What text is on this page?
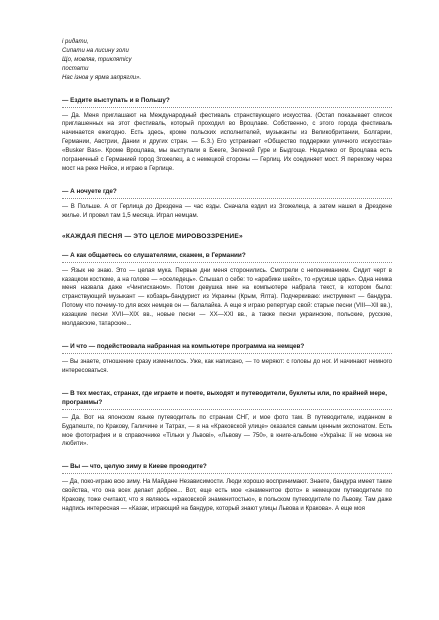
і ридати,

Сипати на лисину золи

Що, мовляв, триклятісу

постати

Нас ізнов у ярма запрягли».

— Ездите выступать и в Польшу?

— Да. Меня приглашают на Международный фестиваль странствующего искусства. (Остап показывает список приглашенных на этот фестиваль, который проходил во Вроцлаве. Собственно, с этого города фестиваль начинается ежегодно. Есть здесь, кроме польских исполнителей, музыканты из Великобритании, Болгарии, Германии, Австрии, Дании и других стран. — Б.З.) Его устраивает «Общество поддержки уличного искусства» «Busker Bas». Кроме Вроцлава, мы выступали в Бжеге, Зеленой Гуре и Быдгоще. Недалеко от Вроцлава есть пограничный с Германией город Згожелец, а с немецкой стороны — Герлиц. Их соединяет мост. Я перехожу через мост на реке Нейсе, и играю в Герлице.

— А ночуете где?

— В Польше. А от Герлица до Дрездена — час езды. Сначала ездил из Згожелеца, а затем нашел в Дрездене жилье. И провел там 1,5 месяца. Играл немцам.

«КАЖДАЯ ПЕСНЯ — ЭТО ЦЕЛОЕ МИРОВОЗЗРЕНИЕ»

— А как общаетесь со слушателями, скажем, в Германии?

— Язык не знаю. Это — целая мука. Первые дни меня сторонились. Смотрели с непониманием. Сидит черт в казацком костюме, а на голове — «оселедець». Слышал о себе: то «арабике шейх», то «русише царь». Одна немка меня назвала даже «Чингисханом». Потом девушка мне на компьютере набрала текст, в котором было: странствующий музыкант — кобзарь-бандурист из Украины (Крым, Ялта). Подчеркиваю: инструмент — бандура. Потому что почему-то для всех немцев он — балалайка. А еще я играю репертуар свой: старые песни (VIII—XII вв.), казацкие песни XVII—XIX вв., новые песни — XX—XXI вв., а также песни украинские, польские, русские, молдавские, татарские...

— И что — подействовала набранная на компьютере программа на немцев?

— Вы знаете, отношение сразу изменилось. Уже, как написано, — то меряют: с головы до ног. И начинают немного интересоваться.

— В тех местах, странах, где играете и поете, выходят и путеводители, буклеты или, по крайней мере, программы?

— Да. Вот на японском языке путеводитель по странам СНГ, и мое фото там. В путеводителе, изданном в Будапеште, по Кракову, Галичине и Татрах, — я на «Краковской улице» оказался самым ценным экспонатом. Есть мое фотография и в справочнике «Тільки у Львові», «Львову — 750», в книге-альбоме «Україна: її не можна не любити».

— Вы — что, целую зиму в Киеве проводите?

— Да, поко-играю всю зиму. На Майдане Независимости. Люди хорошо воспринимают. Знаете, бандура имеет такие свойства, что она всех делает добрее... Вот, еще есть мое «знаменитое фото» в немецком путеводителе по Кракову, тоже считают, что я являюсь «краковской знаменитостью», в польском путеводителе по Львову. Там даже надпись интересная — «Казак, играющий на бандуре, который знают улицы Львова и Кракова». А еще моя
